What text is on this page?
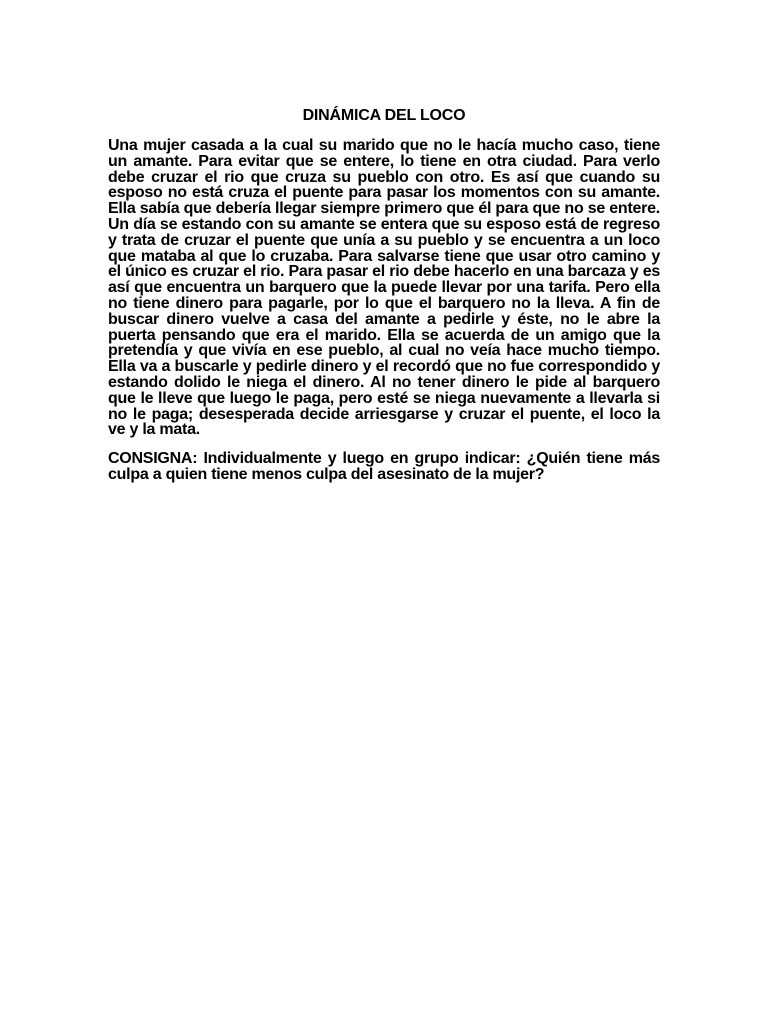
DINÁMICA DEL LOCO

Una mujer casada a la cual su marido que no le hacía mucho caso, tiene un amante. Para evitar que se entere, lo tiene en otra ciudad. Para verlo debe cruzar el rio que cruza su pueblo con otro. Es así que cuando su esposo no está cruza el puente para pasar los momentos con su amante. Ella sabía que debería llegar siempre primero que él para que no se entere. Un día se estando con su amante se entera que su esposo está de regreso y trata de cruzar el puente que unía a su pueblo y se encuentra a un loco que mataba al que lo cruzaba. Para salvarse tiene que usar otro camino y el único es cruzar el rio. Para pasar el rio debe hacerlo en una barcaza y es así que encuentra un barquero que la puede llevar por una tarifa. Pero ella no tiene dinero para pagarle, por lo que el barquero no la lleva. A fin de buscar dinero vuelve a casa del amante a pedirle y éste, no le abre la puerta pensando que era el marido. Ella se acuerda de un amigo que la pretendía y que vivía en ese pueblo, al cual no veía hace mucho tiempo. Ella va a buscarle y pedirle dinero y el recordó que no fue correspondido y estando dolido le niega el dinero. Al no tener dinero le pide al barquero que le lleve que luego le paga, pero esté se niega nuevamente a llevarla si no le paga; desesperada decide arriesgarse y cruzar el puente, el loco la ve y la mata.

CONSIGNA: Individualmente y luego en grupo indicar: ¿Quién tiene más culpa a quien tiene menos culpa del asesinato de la mujer?
